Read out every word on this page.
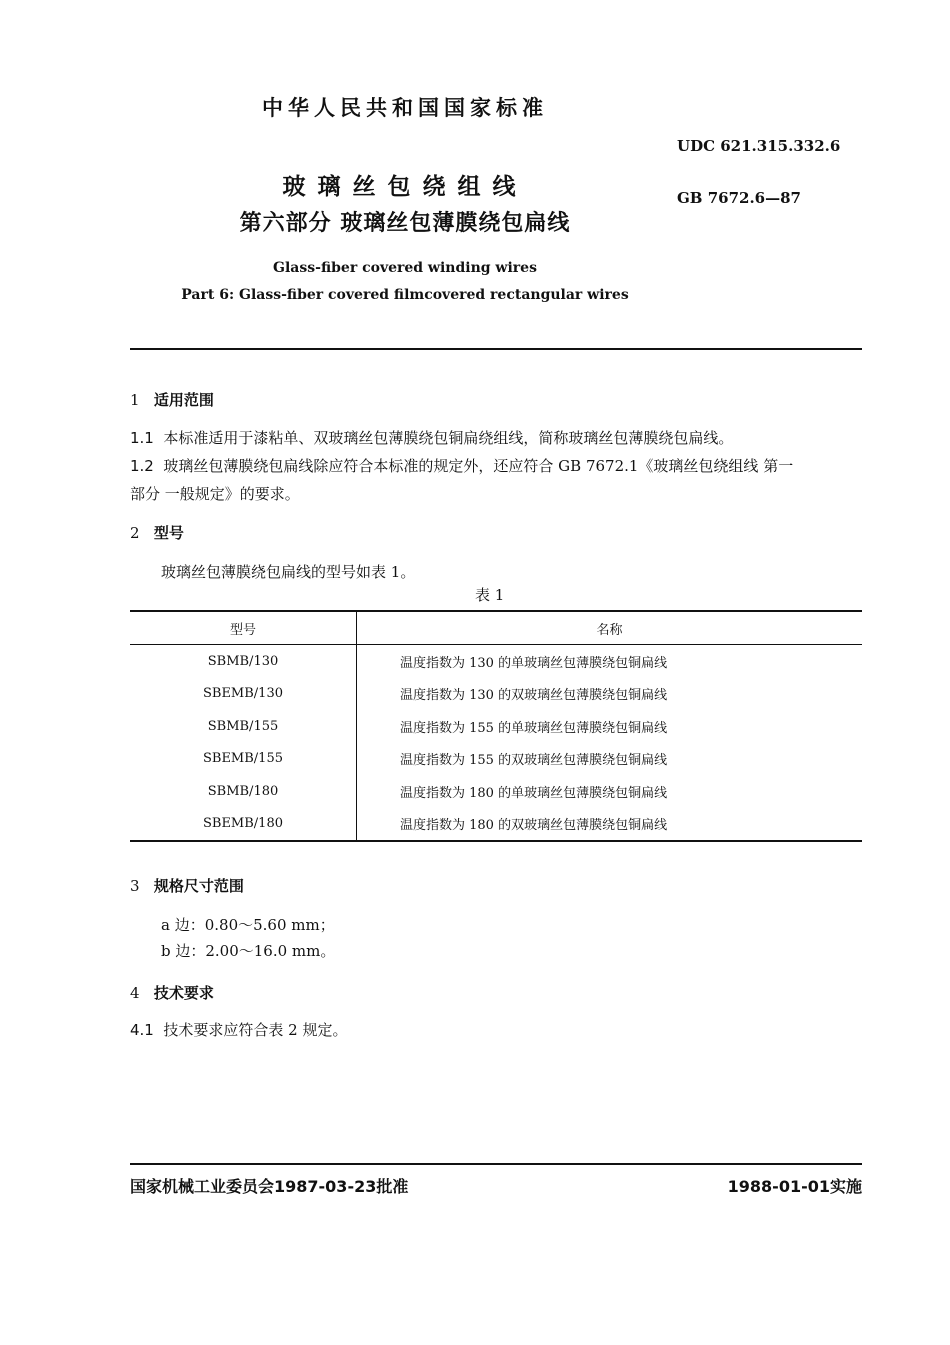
中华人民共和国国家标准
UDC 621.315.332.6
GB 7672.6—87
玻璃丝包绕组线
第六部分 玻璃丝包薄膜绕包扁线
Glass-fiber covered winding wires
Part 6: Glass-fiber covered filmcovered rectangular wires
1 适用范围
1.1 本标准适用于漆粘单、双玻璃丝包薄膜绕包铜扁绕组线，简称玻璃丝包薄膜绕包扁线。
1.2 玻璃丝包薄膜绕包扁线除应符合本标准的规定外，还应符合 GB 7672.1《玻璃丝包绕组线 第一
部分 一般规定》的要求。
2 型号
玻璃丝包薄膜绕包扁线的型号如表 1。
表 1
型号	名称
SBMB/130	温度指数为 130 的单玻璃丝包薄膜绕包铜扁线
SBEMB/130	温度指数为 130 的双玻璃丝包薄膜绕包铜扁线
SBMB/155	温度指数为 155 的单玻璃丝包薄膜绕包铜扁线
SBEMB/155	温度指数为 155 的双玻璃丝包薄膜绕包铜扁线
SBMB/180	温度指数为 180 的单玻璃丝包薄膜绕包铜扁线
SBEMB/180	温度指数为 180 的双玻璃丝包薄膜绕包铜扁线
3 规格尺寸范围
a 边：0.80～5.60 mm；
b 边：2.00～16.0 mm。
4 技术要求
4.1 技术要求应符合表 2 规定。
国家机械工业委员会1987-03-23批准	1988-01-01实施
